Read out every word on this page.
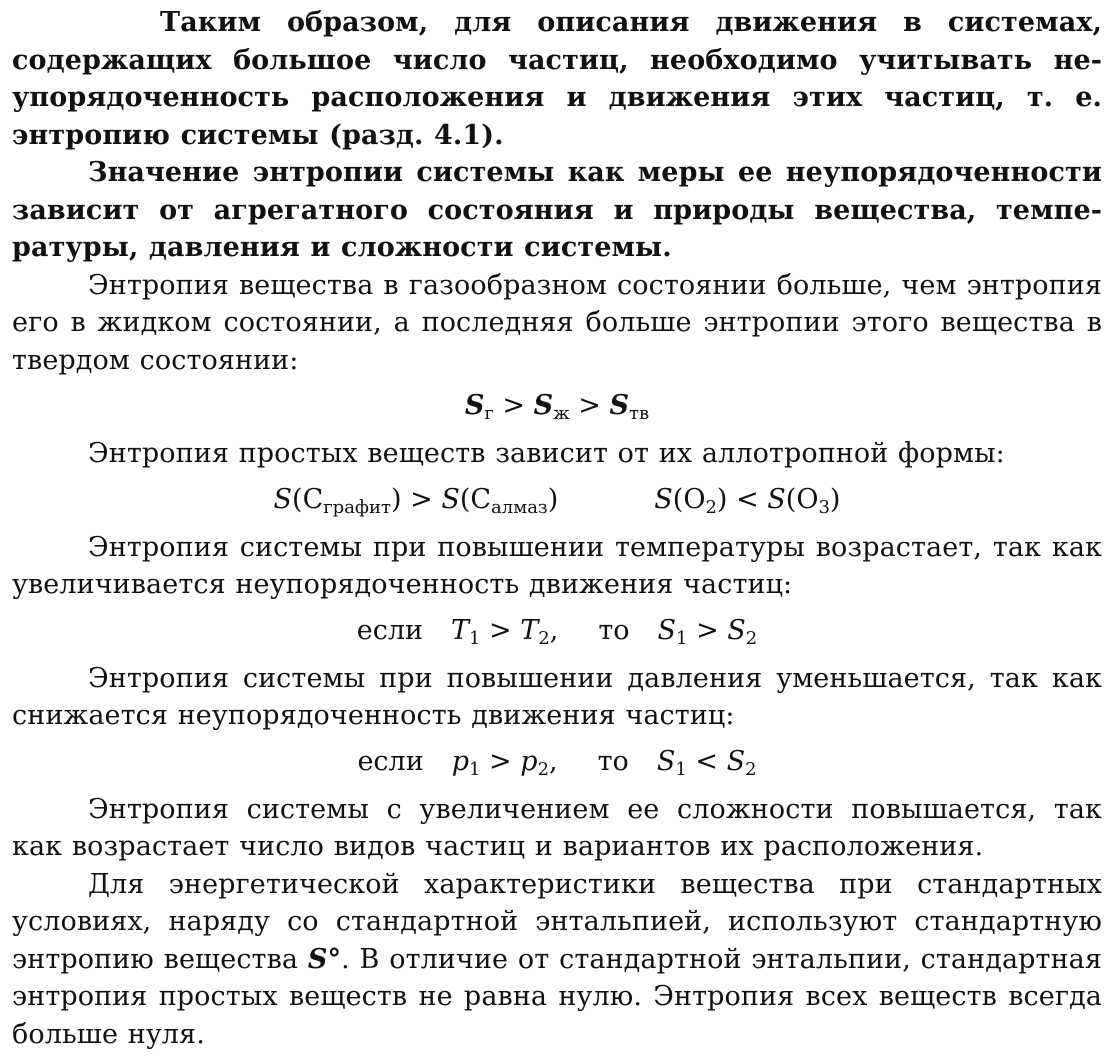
Таким образом, для описания движения в системах, содержащих большое число частиц, необходимо учитывать неупорядоченность расположения и движения этих частиц, т. е. энтропию системы (разд. 4.1).

Значение энтропии системы как меры ее неупорядоченности зависит от агрегатного состояния и природы вещества, температуры, давления и сложности системы.

Энтропия вещества в газообразном состоянии больше, чем энтропия его в жидком состоянии, а последняя больше энтропии этого вещества в твердом состоянии:

$S_г > S_ж > S_{тв}$

Энтропия простых веществ зависит от их аллотропной формы:

$S(C_{графит}) > S(C_{алмаз})$	$S(O_2) < S(O_3)$

Энтропия системы при повышении температуры возрастает, так как увеличивается неупорядоченность движения частиц:

если $T_1 > T_2$, то $S_1 > S_2$

Энтропия системы при повышении давления уменьшается, так как снижается неупорядоченность движения частиц:

если $p_1 > p_2$, то $S_1 < S_2$

Энтропия системы с увеличением ее сложности повышается, так как возрастает число видов частиц и вариантов их расположения.

Для энергетической характеристики вещества при стандартных условиях, наряду со стандартной энтальпией, используют стандартную энтропию вещества S°. В отличие от стандартной энтальпии, стандартная энтропия простых веществ не равна нулю. Энтропия всех веществ всегда больше нуля.
